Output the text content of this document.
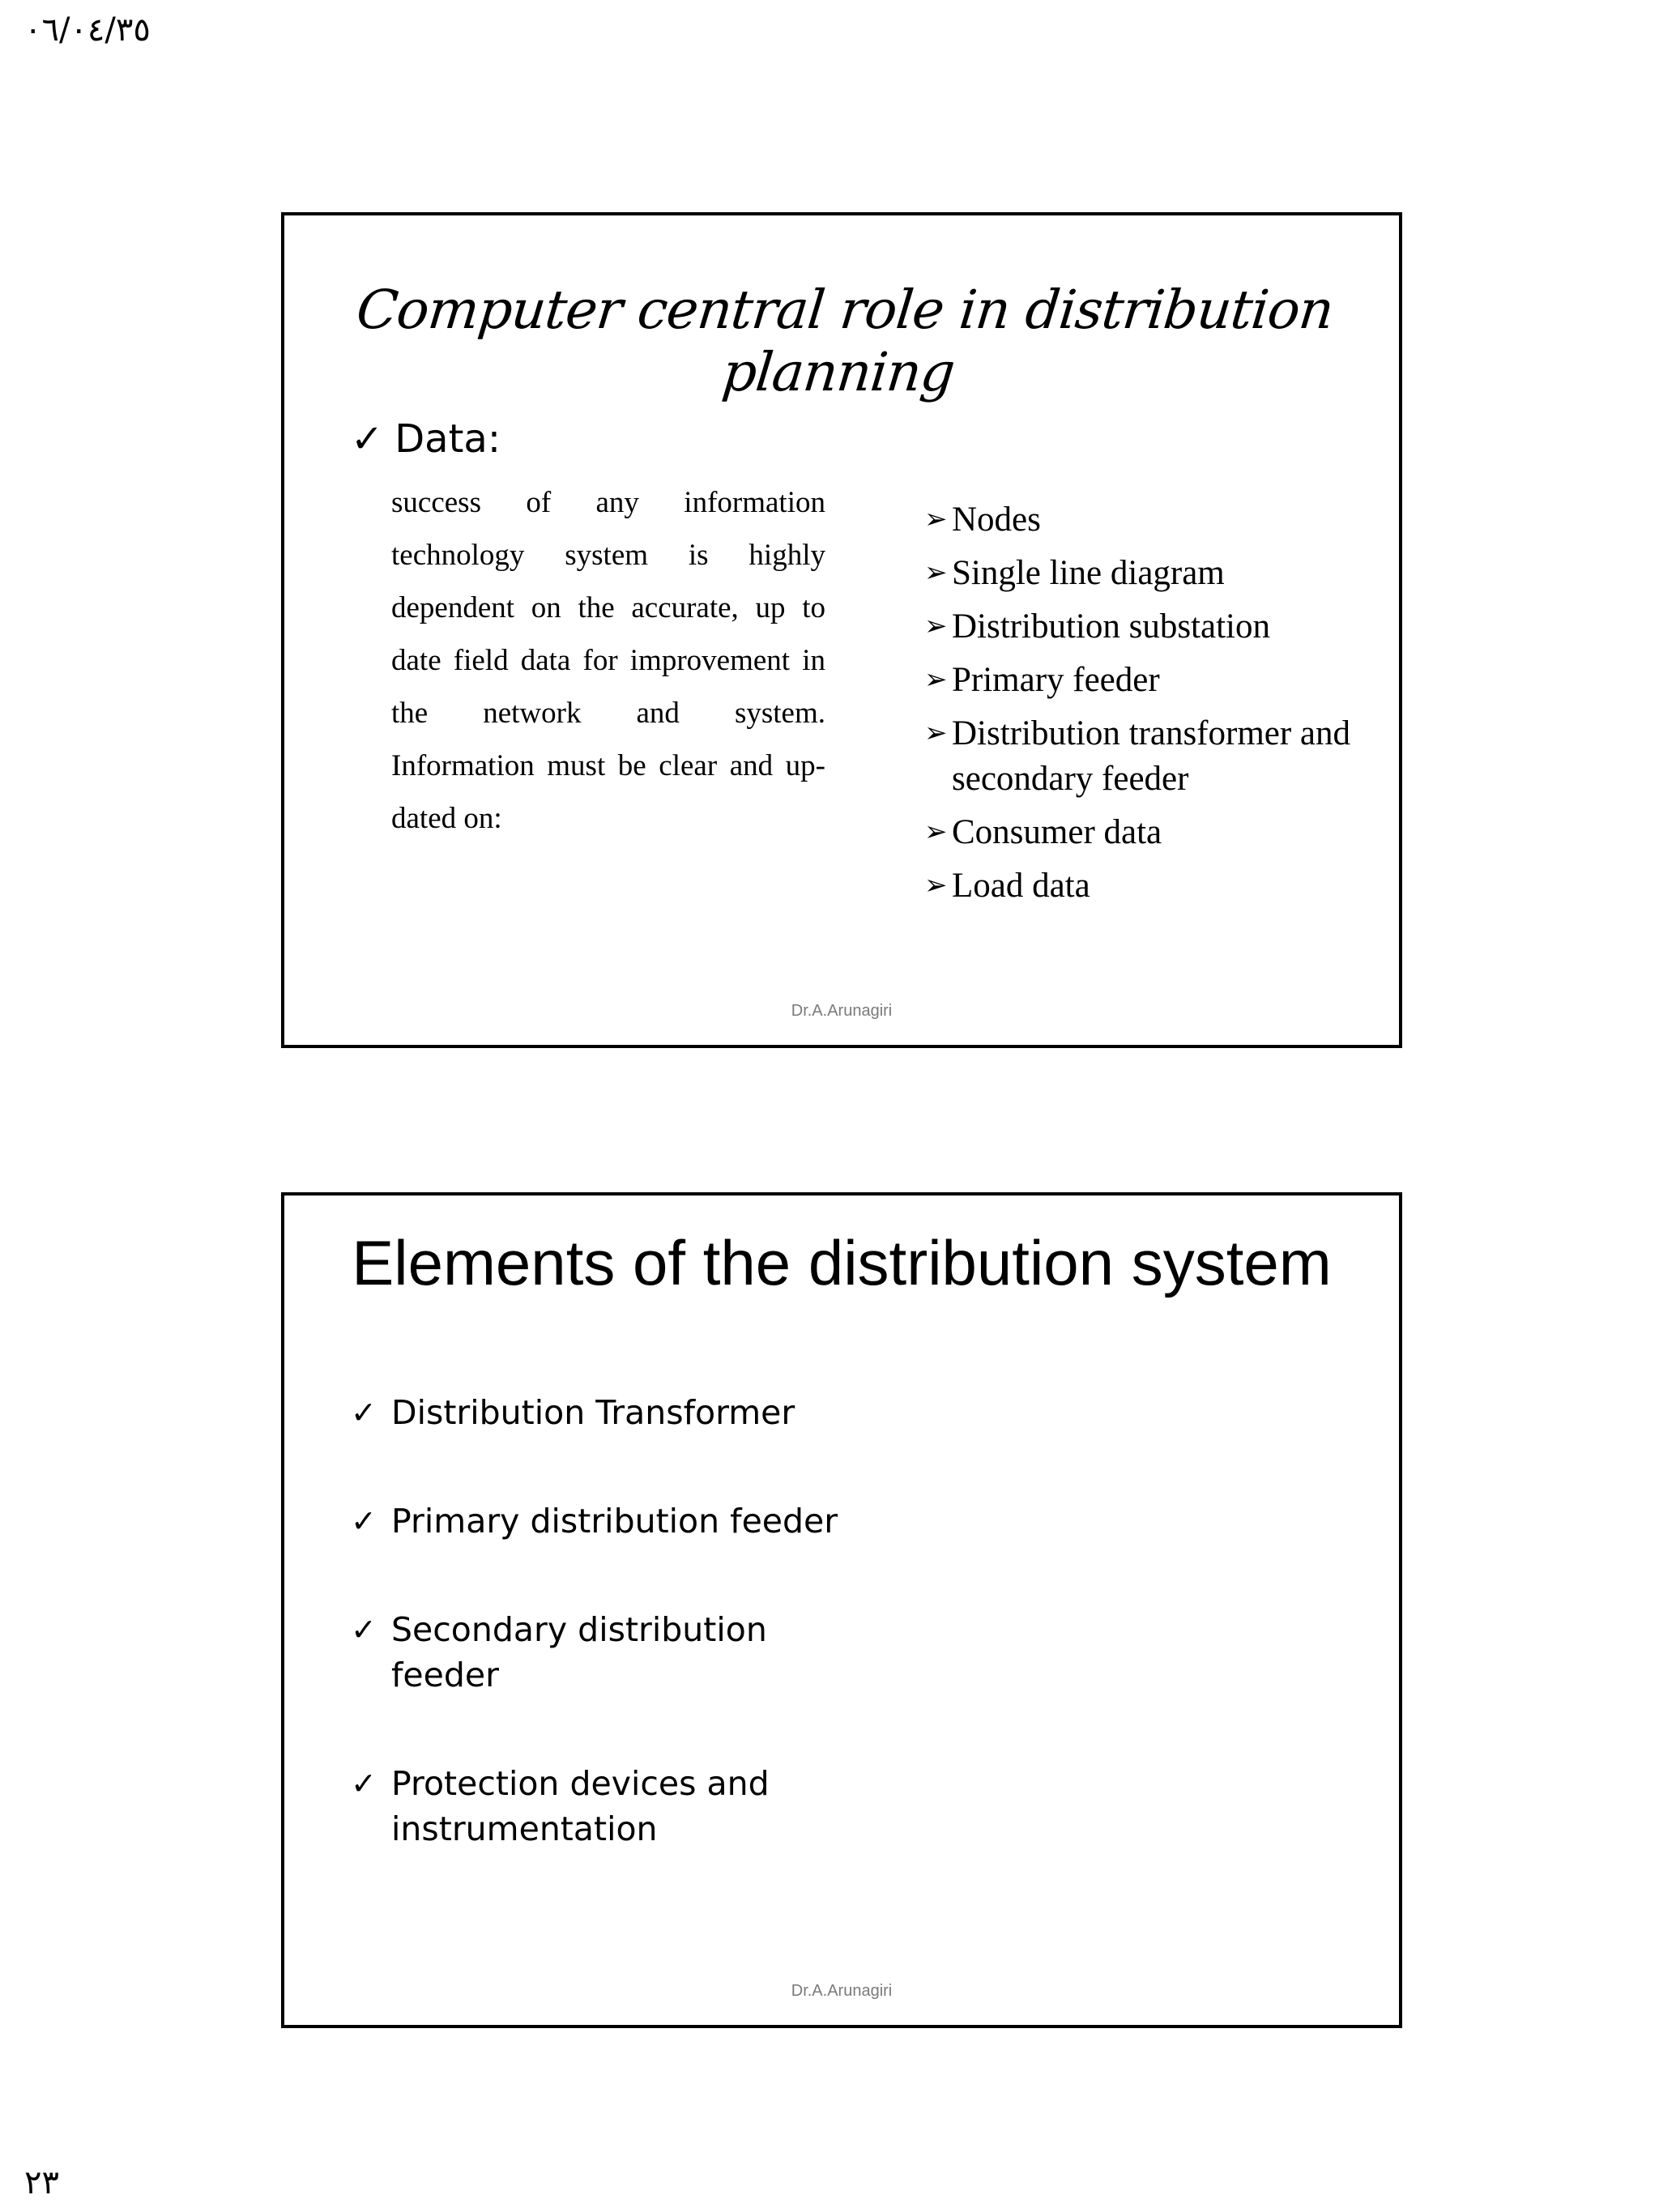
٠٦/٠٤/٣٥
Computer central role in distribution planning
✓ Data:
success of any information technology system is highly dependent on the accurate, up to date field data for improvement in the network and system. Information must be clear and up-dated on:
➢ Nodes
➢ Single line diagram
➢ Distribution substation
➢ Primary feeder
➢ Distribution transformer and secondary feeder
➢ Consumer data
➢ Load data
Dr.A.Arunagiri
Elements of the distribution system
✓ Distribution Transformer
✓ Primary distribution feeder
✓ Secondary distribution feeder
✓ Protection devices and instrumentation
Dr.A.Arunagiri
٢٣
